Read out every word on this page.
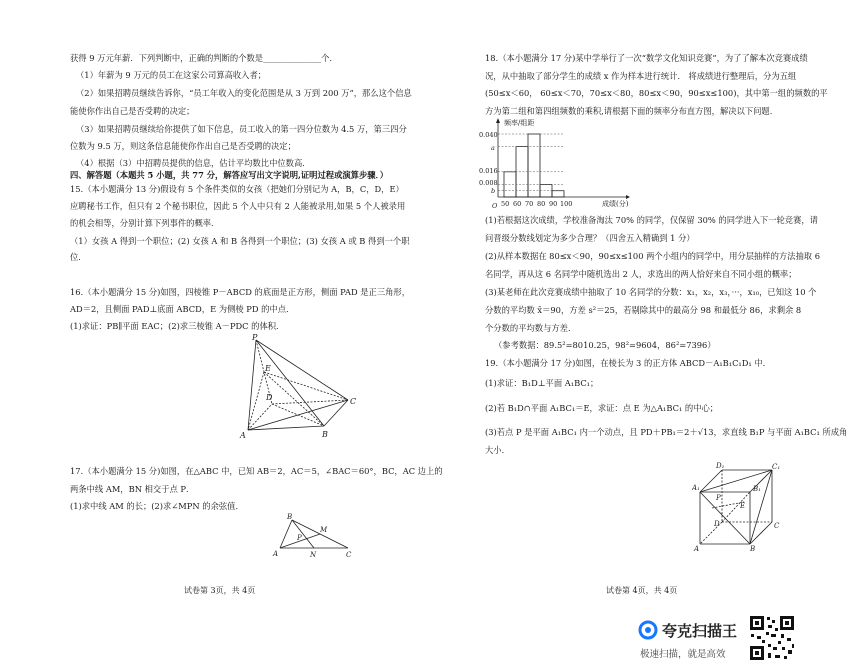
获得 9 万元年薪．下列判断中，正确的判断的个数是______________个．
（1）年薪为 9 万元的员工在这家公司算高收入者；
（2）如果招聘员继续告诉你，“员工年收入的变化范围是从 3 万到 200 万”，那么这个信息
能使你作出自己是否受聘的决定；
（3）如果招聘员继续给你提供了如下信息，员工收入的第一四分位数为 4.5 万，第三四分
位数为 9.5 万，则这条信息能使你作出自己是否受聘的决定；
（4）根据（3）中招聘员提供的信息，估计平均数比中位数高．
四、解答题（本题共 5 小题，共 77 分，解答应写出文字说明,证明过程或演算步骤．）
15.（本小题满分 13 分)假设有 5 个条件类似的女孩（把她们分别记为 A，B，C，D，E）
应聘秘书工作，但只有 2 个秘书职位，因此 5 个人中只有 2 人能被录用,如果 5 个人被录用
的机会相等，分别计算下列事件的概率．
（1）女孩 A 得到一个职位；(2) 女孩 A 和 B 各得到一个职位；(3) 女孩 A 或 B 得到一个职
位．
16.（本小题满分 15 分)如图，四棱锥 P－ABCD 的底面是正方形，侧面 PAD 是正三角形，
AD＝2，且侧面 PAD⊥底面 ABCD，E 为侧棱 PD 的中点．
(1)求证：PB∥平面 EAC；(2)求三棱锥 A－PDC 的体积．
P
E
D
A	B
C
17.（本小题满分 15 分)如图，在△ABC 中，已知 AB＝2，AC＝5，∠BAC＝60°，BC，AC 边上的
两条中线 AM，BN 相交于点 P．
(1)求中线 AM 的长；(2)求∠MPN 的余弦值．
B
M
P
A	N	C
试卷第 3页，共 4页
18.（本小题满分 17 分)某中学举行了一次“数学文化知识竞赛”，为了了解本次竞赛成绩
况，从中抽取了部分学生的成绩 x 作为样本进行统计． 将成绩进行整理后，分为五组
(50≤x＜60， 60≤x＜70，70≤x＜80，80≤x＜90，90≤x≤100)，其中第一组的频数的平
方为第二组和第四组频数的乘积,请根据下面的频率分布直方图，解决以下问题．
频率/组距
O	成绩(分)
0.040
a
0.016
0.008
b
50 60 70 80 90 100
(1)若根据这次成绩，学校准备淘汰 70% 的同学，仅保留 30% 的同学进入下一轮竞赛，请
问晋级分数线划定为多少合理？（四舍五入精确到 1 分）
(2)从样本数据在 80≤x＜90，90≤x≤100 两个小组内的同学中，用分层抽样的方法抽取 6
名同学，再从这 6 名同学中随机选出 2 人，求选出的两人恰好来自不同小组的概率；
(3)某老师在此次竞赛成绩中抽取了 10 名同学的分数：x₁，x₂，x₃，···，x₁₀，已知这 10 个
分数的平均数 x̄＝90，方差 s²＝25，若剔除其中的最高分 98 和最低分 86，求剩余 8
个分数的平均数与方差．
（参考数据：89.5²=8010.25，98²=9604，86²=7396）
19.（本小题满分 17 分)如图，在棱长为 3 的正方体 ABCD－A₁B₁C₁D₁ 中．
(1)求证：B₁D⊥平面 A₁BC₁；
(2)若 B₁D∩平面 A₁BC₁＝E，求证：点 E 为△A₁BC₁ 的中心；
(3)若点 P 是平面 A₁BC₁ 内一个动点，且 PD＋PB₁＝2＋√13，求直线 B₁P 与平面 A₁BC₁ 所成角
大小．
D₁	C₁
A₁	B₁
P
E
D	C
A	B
试卷第 4页，共 4页
夸克扫描王
极速扫描，就是高效
